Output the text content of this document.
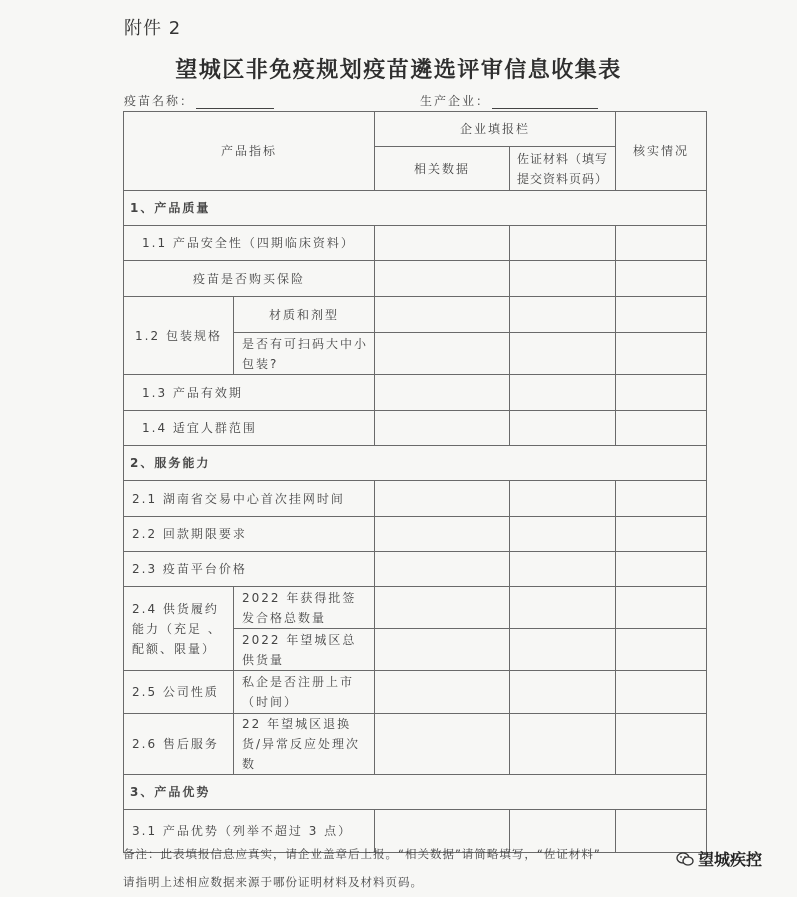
附件 2
望城区非免疫规划疫苗遴选评审信息收集表
疫苗名称：	生产企业：
产品指标		企业填报栏		核实情况
		相关数据	佐证材料（填写提交资料页码）	
1、产品质量				
1.1 产品安全性（四期临床资料）				
疫苗是否购买保险				
1.2 包装规格	材质和剂型			
	是否有可扫码大中小包装?			
1.3 产品有效期				
1.4 适宜人群范围				
2、服务能力				
2.1 湖南省交易中心首次挂网时间				
2.2 回款期限要求				
2.3 疫苗平台价格				
2.4 供货履约能力（充足 、配额、限量）	2022 年获得批签发合格总数量			
	2022 年望城区总供货量			
2.5 公司性质	私企是否注册上市（时间）			
2.6 售后服务	22 年望城区退换货/异常反应处理次数			
3、产品优势				
3.1 产品优势（列举不超过 3 点）				
备注：此表填报信息应真实，请企业盖章后上报。“相关数据”请简略填写，“佐证材料”
请指明上述相应数据来源于哪份证明材料及材料页码。
望城疾控
